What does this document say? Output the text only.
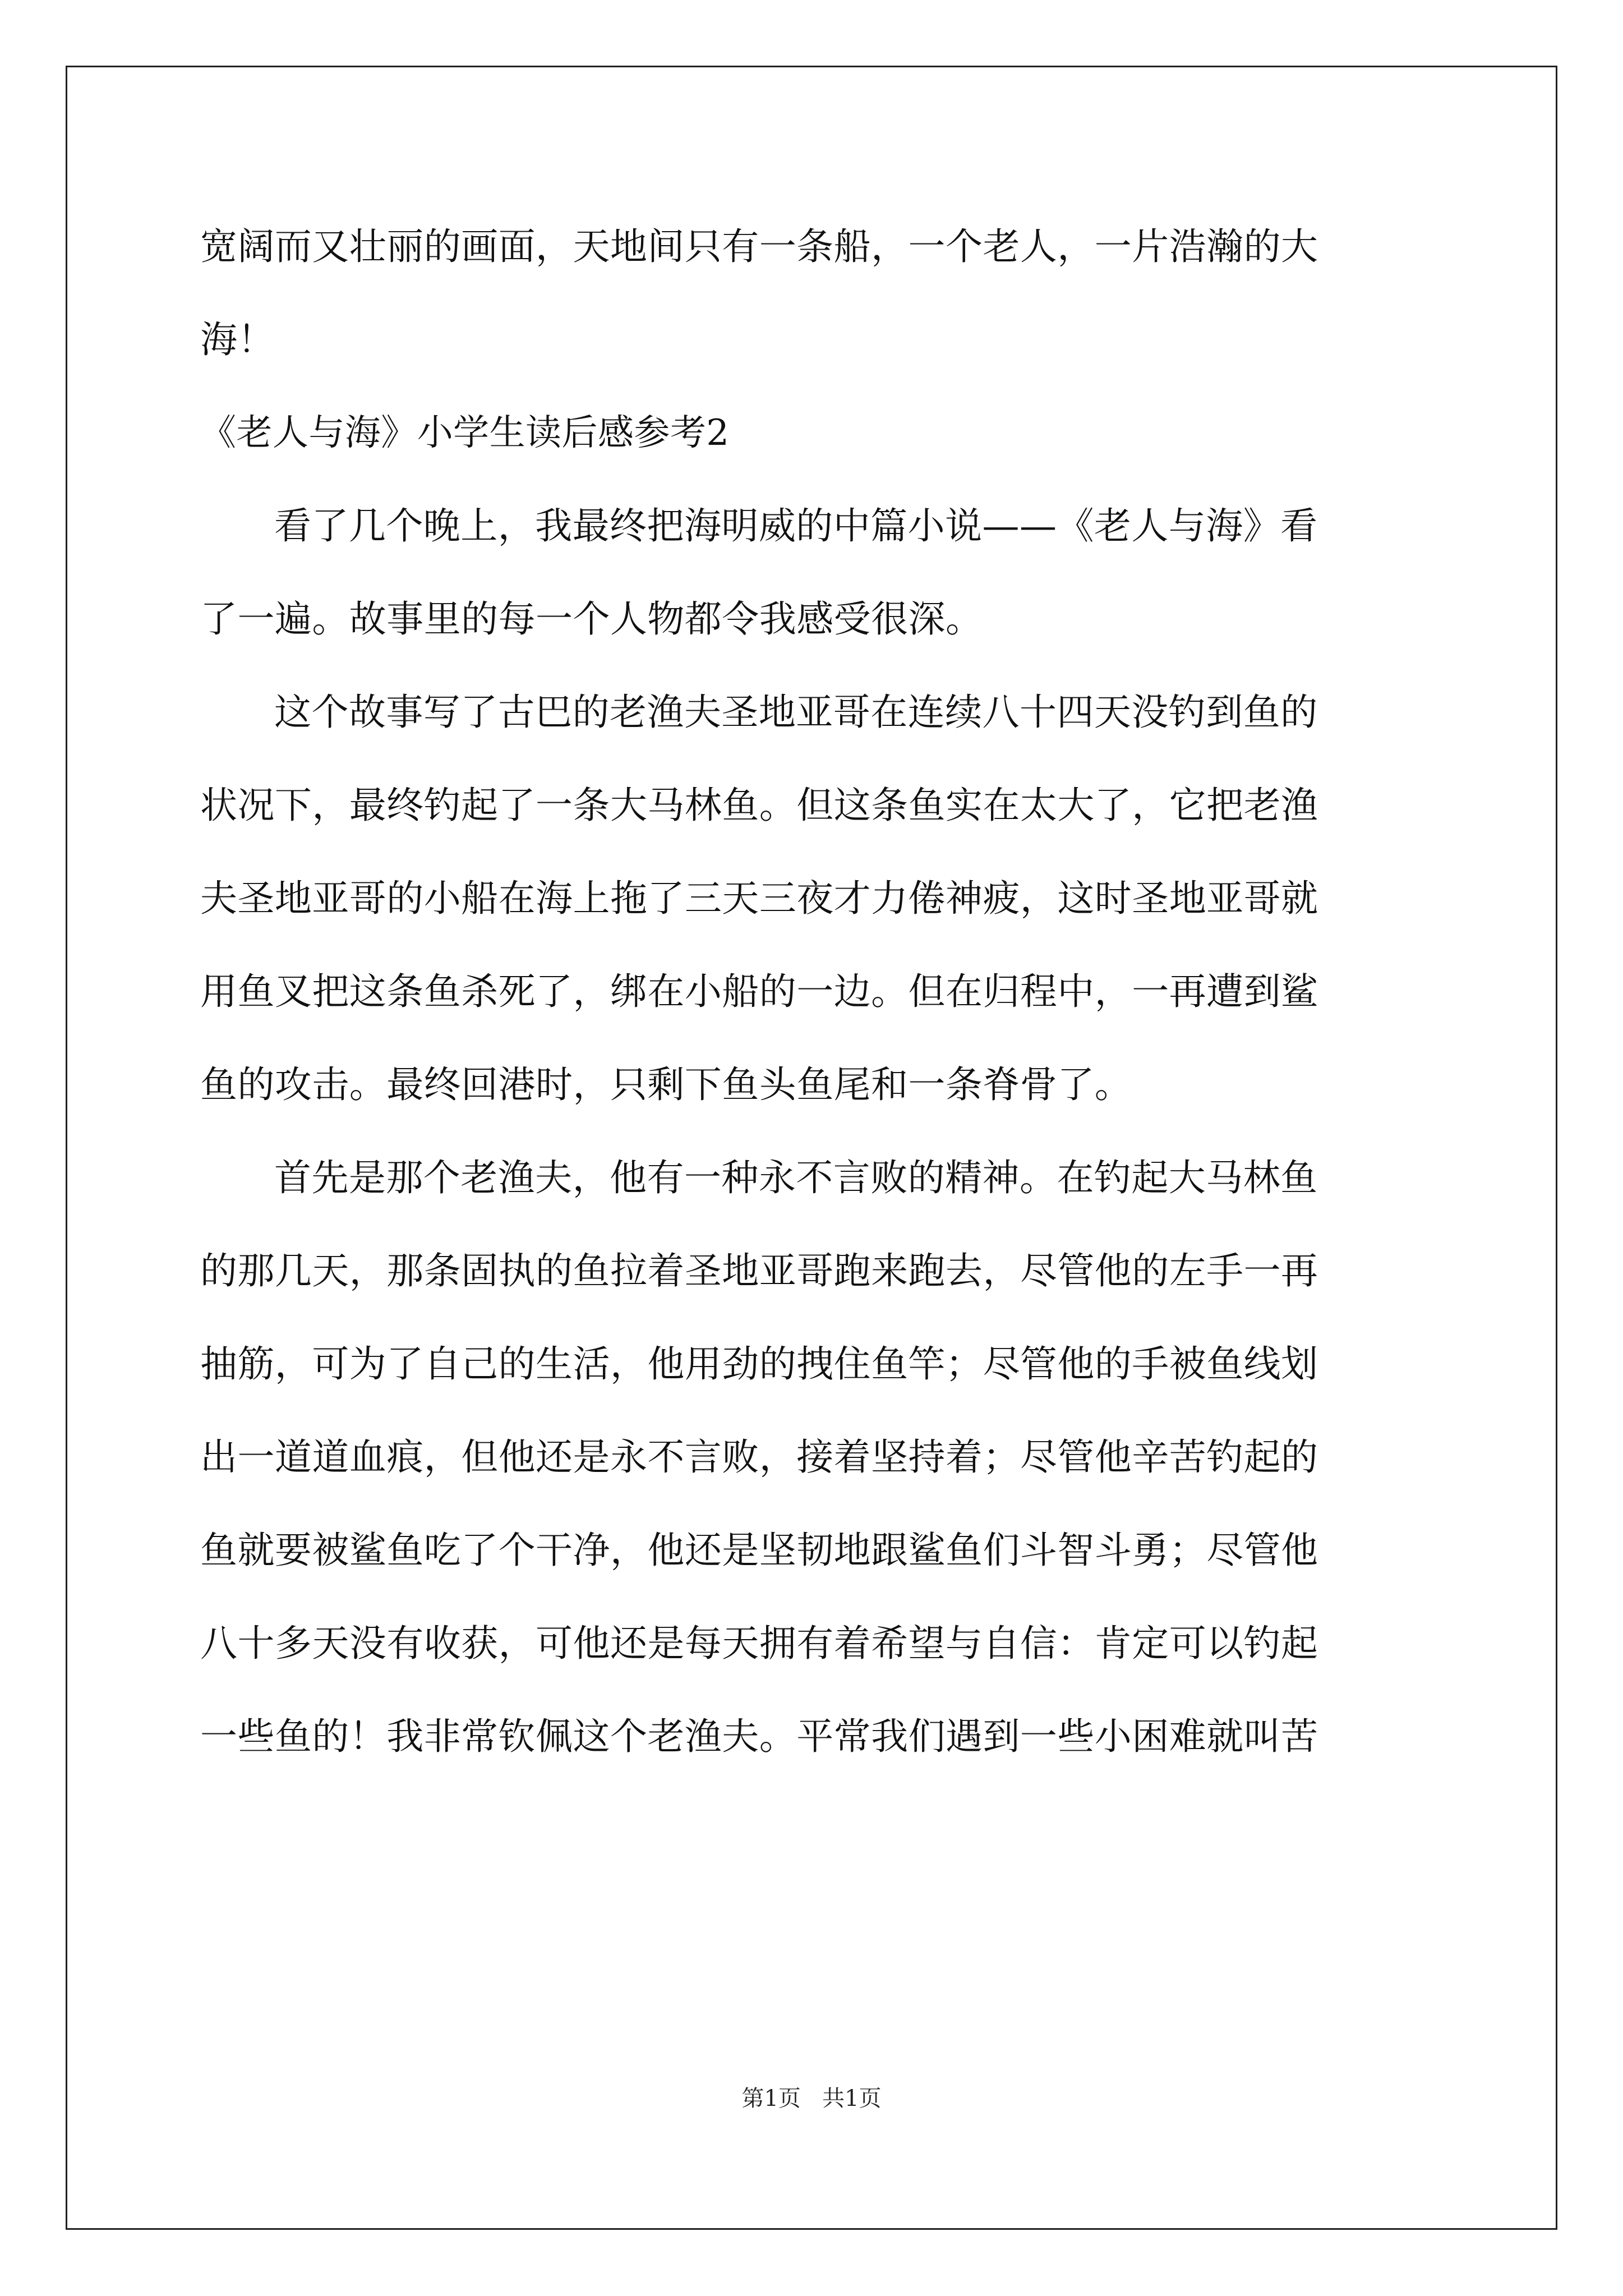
宽阔而又壮丽的画面，天地间只有一条船，一个老人，一片浩瀚的大
海！
《老人与海》小学生读后感参考2
看了几个晚上，我最终把海明威的中篇小说——《老人与海》看
了一遍。故事里的每一个人物都令我感受很深。
这个故事写了古巴的老渔夫圣地亚哥在连续八十四天没钓到鱼的
状况下，最终钓起了一条大马林鱼。但这条鱼实在太大了，它把老渔
夫圣地亚哥的小船在海上拖了三天三夜才力倦神疲，这时圣地亚哥就
用鱼叉把这条鱼杀死了，绑在小船的一边。但在归程中，一再遭到鲨
鱼的攻击。最终回港时，只剩下鱼头鱼尾和一条脊骨了。
首先是那个老渔夫，他有一种永不言败的精神。在钓起大马林鱼
的那几天，那条固执的鱼拉着圣地亚哥跑来跑去，尽管他的左手一再
抽筋，可为了自己的生活，他用劲的拽住鱼竿；尽管他的手被鱼线划
出一道道血痕，但他还是永不言败，接着坚持着；尽管他辛苦钓起的
鱼就要被鲨鱼吃了个干净，他还是坚韧地跟鲨鱼们斗智斗勇；尽管他
八十多天没有收获，可他还是每天拥有着希望与自信：肯定可以钓起
一些鱼的！我非常钦佩这个老渔夫。平常我们遇到一些小困难就叫苦
第1页   共1页
